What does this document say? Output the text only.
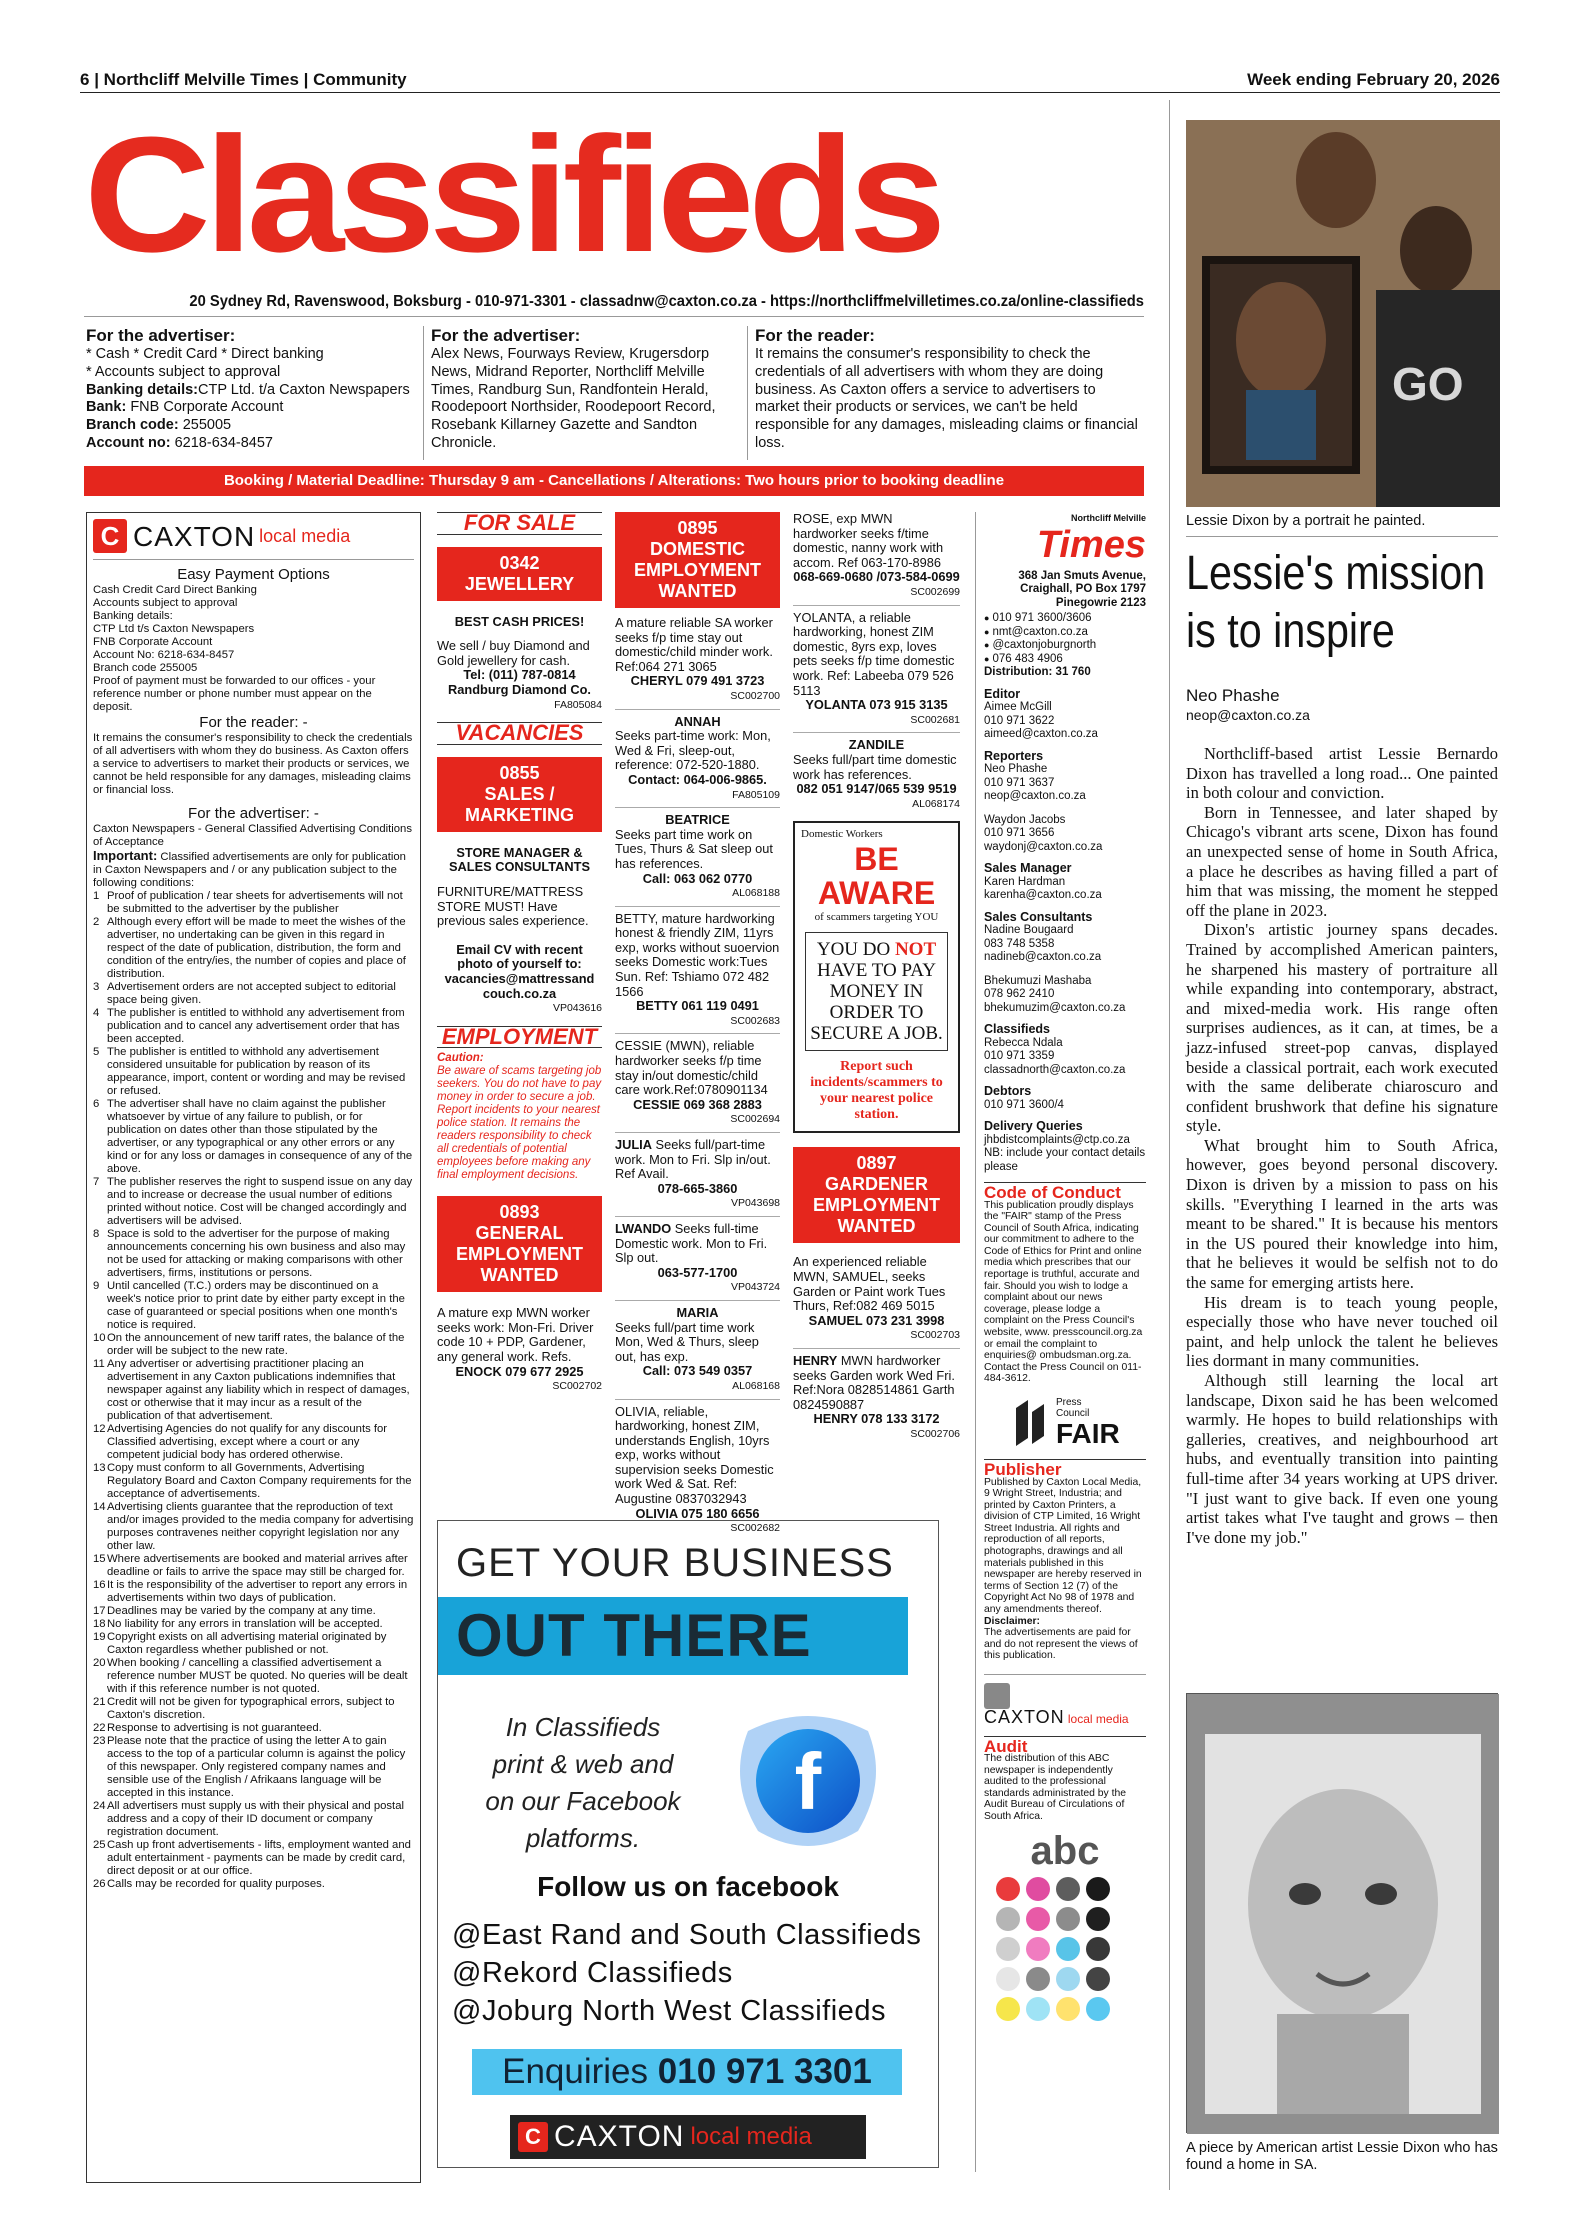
6 | Northcliff Melville Times | Community	Week ending February 20, 2026
Classifieds
20 Sydney Rd, Ravenswood, Boksburg - 010-971-3301 - classadnw@caxton.co.za - https://northcliffmelvilletimes.co.za/online-classifieds
For the advertiser:
* Cash * Credit Card * Direct banking
* Accounts subject to approval
Banking details:CTP Ltd. t/a Caxton Newspapers
Bank: FNB Corporate Account
Branch code: 255005
Account no: 6218-634-8457
For the advertiser:
Alex News, Fourways Review, Krugersdorp News, Midrand Reporter, Northcliff Melville Times, Randburg Sun, Randfontein Herald, Roodepoort Northsider, Roodepoort Record, Rosebank Killarney Gazette and Sandton Chronicle.
For the reader:
It remains the consumer's responsibility to check the credentials of all advertisers with whom they are doing business. As Caxton offers a service to advertisers to market their products or services, we can't be held responsible for any damages, misleading claims or financial loss.
Booking / Material Deadline: Thursday 9 am - Cancellations / Alterations: Two hours prior to booking deadline
C CAXTON local media
Easy Payment Options
Cash Credit Card Direct Banking
Accounts subject to approval
Banking details:
CTP Ltd t/s Caxton Newspapers
FNB Corporate Account
Account No: 6218-634-8457
Branch code 255005
Proof of payment must be forwarded to our offices - your reference number or phone number must appear on the deposit.
For the reader: -
It remains the consumer's responsibility to check the credentials of all advertisers with whom they do business. As Caxton offers a service to advertisers to market their products or services, we cannot be held responsible for any damages, misleading claims or financial loss.
For the advertiser: -
Caxton Newspapers - General Classified Advertising Conditions of Acceptance
Important: Classified advertisements are only for publication in Caxton Newspapers and / or any publication subject to the following conditions:
1 Proof of publication / tear sheets for advertisements will not be submitted to the advertiser by the publisher
2 Although every effort will be made to meet the wishes of the advertiser, no undertaking can be given in this regard in respect of the date of publication, distribution, the form and condition of the entry/ies, the number of copies and place of distribution.
3 Advertisement orders are not accepted subject to editorial space being given.
4 The publisher is entitled to withhold any advertisement from publication and to cancel any advertisement order that has been accepted.
5 The publisher is entitled to withhold any advertisement considered unsuitable for publication by reason of its appearance, import, content or wording and may be revised or refused.
6 The advertiser shall have no claim against the publisher whatsoever by virtue of any failure to publish, or for publication on dates other than those stipulated by the advertiser, or any typographical or any other errors or any kind or for any loss or damages in consequence of any of the above.
7 The publisher reserves the right to suspend issue on any day and to increase or decrease the usual number of editions printed without notice. Cost will be changed accordingly and advertisers will be advised.
8 Space is sold to the advertiser for the purpose of making announcements concerning his own business and also may not be used for attacking or making comparisons with other advertisers, firms, institutions or persons.
9 Until cancelled (T.C.) orders may be discontinued on a week's notice prior to print date by either party except in the case of guaranteed or special positions when one month's notice is required.
10 On the announcement of new tariff rates, the balance of the order will be subject to the new rate.
11 Any advertiser or advertising practitioner placing an advertisement in any Caxton publications indemnifies that newspaper against any liability which in respect of damages, cost or otherwise that it may incur as a result of the publication of that advertisement.
12 Advertising Agencies do not qualify for any discounts for Classified advertising, except where a court or any competent judicial body has ordered otherwise.
13 Copy must conform to all Governments, Advertising Regulatory Board and Caxton Company requirements for the acceptance of advertisements.
14 Advertising clients guarantee that the reproduction of text and/or images provided to the media company for advertising purposes contravenes neither copyright legislation nor any other law.
15 Where advertisements are booked and material arrives after deadline or fails to arrive the space may still be charged for.
16 It is the responsibility of the advertiser to report any errors in advertisements within two days of publication.
17 Deadlines may be varied by the company at any time.
18 No liability for any errors in translation will be accepted.
19 Copyright exists on all advertising material originated by Caxton regardless whether published or not.
20 When booking / cancelling a classified advertisement a reference number MUST be quoted. No queries will be dealt with if this reference number is not quoted.
21 Credit will not be given for typographical errors, subject to Caxton's discretion.
22 Response to advertising is not guaranteed.
23 Please note that the practice of using the letter A to gain access to the top of a particular column is against the policy of this newspaper. Only registered company names and sensible use of the English / Afrikaans language will be accepted in this instance.
24 All advertisers must supply us with their physical and postal address and a copy of their ID document or company registration document.
25 Cash up front advertisements - lifts, employment wanted and adult entertainment - payments can be made by credit card, direct deposit or at our office.
26 Calls may be recorded for quality purposes.
FOR SALE
0342
JEWELLERY
BEST CASH PRICES!
We sell / buy Diamond and Gold jewellery for cash.
Tel: (011) 787-0814
Randburg Diamond Co.
FA805084
VACANCIES
0855
SALES / MARKETING
STORE MANAGER & SALES CONSULTANTS
FURNITURE/MATTRESS STORE MUST! Have previous sales experience.
Email CV with recent photo of yourself to: vacancies@mattressand couch.co.za
VP043616
EMPLOYMENT
Caution:
Be aware of scams targeting job seekers. You do not have to pay money in order to secure a job. Report incidents to your nearest police station. It remains the readers responsibility to check all credentials of potential employees before making any final employment decisions.
0893
GENERAL EMPLOYMENT WANTED
A mature exp MWN worker seeks work: Mon-Fri. Driver code 10 + PDP, Gardener, any general work. Refs.
ENOCK 079 677 2925
SC002702
0895
DOMESTIC EMPLOYMENT WANTED
A mature reliable SA worker seeks f/p time stay out domestic/child minder work. Ref:064 271 3065
CHERYL 079 491 3723
SC002700
ANNAH
Seeks part-time work: Mon, Wed & Fri, sleep-out, reference: 072-520-1880.
Contact: 064-006-9865.
FA805109
BEATRICE
Seeks part time work on Tues, Thurs & Sat sleep out has references.
Call: 063 062 0770
AL068188
BETTY, mature hardworking honest & friendly ZIM, 11yrs exp, works without suoervion seeks Domestic work:Tues Sun. Ref: Tshiamo 072 482 1566
BETTY 061 119 0491
SC002683
CESSIE (MWN), reliable hardworker seeks f/p time stay in/out domestic/child care work.Ref:0780901134
CESSIE 069 368 2883
SC002694
JULIA Seeks full/part-time work. Mon to Fri. Slp in/out. Ref Avail.
078-665-3860
VP043698
LWANDO Seeks full-time Domestic work. Mon to Fri. Slp out.
063-577-1700
VP043724
MARIA
Seeks full/part time work Mon, Wed & Thurs, sleep out, has exp.
Call: 073 549 0357
AL068168
OLIVIA, reliable, hardworking, honest ZIM, understands English, 10yrs exp, works without supervision seeks Domestic work Wed & Sat. Ref: Augustine 0837032943
OLIVIA 075 180 6656
SC002682
ROSE, exp MWN hardworker seeks f/time domestic, nanny work with accom. Ref 063-170-8986
068-669-0680 /073-584-0699
SC002699
YOLANTA, a reliable hardworking, honest ZIM domestic, 8yrs exp, loves pets seeks f/p time domestic work. Ref: Labeeba 079 526 5113
YOLANTA 073 915 3135
SC002681
ZANDILE
Seeks full/part time domestic work has references.
082 051 9147/065 539 9519
AL068174
Domestic Workers
BE AWARE
of scammers targeting YOU
YOU DO NOT HAVE TO PAY MONEY IN ORDER TO SECURE A JOB.
Report such incidents/scammers to your nearest police station.
0897
GARDENER EMPLOYMENT WANTED
An experienced reliable MWN, SAMUEL, seeks Garden or Paint work Tues Thurs, Ref:082 469 5015
SAMUEL 073 231 3998
SC002703
HENRY MWN hardworker seeks Garden work Wed Fri. Ref:Nora 0828514861 Garth 0824590887
HENRY 078 133 3172
SC002706
GET YOUR BUSINESS
OUT THERE
In Classifieds print & web and on our Facebook platforms.
f
Follow us on facebook
@East Rand and South Classifieds
@Rekord Classifieds
@Joburg North West Classifieds
Enquiries 010 971 3301
C CAXTON local media
Northcliff Melville
Times
368 Jan Smuts Avenue, Craighall, PO Box 1797 Pinegowrie 2123
● 010 971 3600/3606
● nmt@caxton.co.za
● @caxtonjoburgnorth
● 076 483 4906
Distribution: 31 760
Editor
Aimee McGill
010 971 3622
aimeed@caxton.co.za
Reporters
Neo Phashe
010 971 3637
neop@caxton.co.za
Waydon Jacobs
010 971 3656
waydonj@caxton.co.za
Sales Manager
Karen Hardman
karenha@caxton.co.za
Sales Consultants
Nadine Bougaard
083 748 5358
nadineb@caxton.co.za
Bhekumuzi Mashaba
078 962 2410
bhekumuzim@caxton.co.za
Classifieds
Rebecca Ndala
010 971 3359
classadnorth@caxton.co.za
Debtors
010 971 3600/4
Delivery Queries
jhbdistcomplaints@ctp.co.za
NB: include your contact details please
Code of Conduct
This publication proudly displays the "FAIR" stamp of the Press Council of South Africa, indicating our commitment to adhere to the Code of Ethics for Print and online media which prescribes that our reportage is truthful, accurate and fair. Should you wish to lodge a complaint about our news coverage, please lodge a complaint on the Press Council's website, www. presscouncil.org.za or email the complaint to enquiries@ ombudsman.org.za. Contact the Press Council on 011-484-3612.
Press Council
FAIR
Publisher
Published by Caxton Local Media, 9 Wright Street, Industria; and printed by Caxton Printers, a division of CTP Limited, 16 Wright Street Industria. All rights and reproduction of all reports, photographs, drawings and all materials published in this newspaper are hereby reserved in terms of Section 12 (7) of the Copyright Act No 98 of 1978 and any amendments thereof.
Disclaimer:
The advertisements are paid for and do not represent the views of this publication.
CAXTON local media
Audit
The distribution of this ABC newspaper is independently audited to the professional standards administrated by the Audit Bureau of Circulations of South Africa.
abc
GO
Lessie Dixon by a portrait he painted.
Lessie's mission is to inspire
Neo Phashe
neop@caxton.co.za

Northcliff-based artist Lessie Bernardo Dixon has travelled a long road... One painted in both colour and conviction.

Born in Tennessee, and later shaped by Chicago's vibrant arts scene, Dixon has found an unexpected sense of home in South Africa, a place he describes as having filled a part of him that was missing, the moment he stepped off the plane in 2023.

Dixon's artistic journey spans decades. Trained by accomplished American painters, he sharpened his mastery of portraiture all while expanding into contemporary, abstract, and mixed-media work. His range often surprises audiences, as it can, at times, be a jazz-infused street-pop canvas, displayed beside a classical portrait, each work executed with the same deliberate chiaroscuro and confident brushwork that define his signature style.

What brought him to South Africa, however, goes beyond personal discovery. Dixon is driven by a mission to pass on his skills. "Everything I learned in the arts was meant to be shared." It is because his mentors in the US poured their knowledge into him, that he believes it would be selfish not to do the same for emerging artists here.

His dream is to teach young people, especially those who have never touched oil paint, and help unlock the talent he believes lies dormant in many communities.

Although still learning the local art landscape, Dixon said he has been welcomed warmly. He hopes to build relationships with galleries, creatives, and neighbourhood art hubs, and eventually transition into painting full-time after 34 years working at UPS driver. "I just want to give back. If even one young artist takes what I've taught and grows – then I've done my job."

A piece by American artist Lessie Dixon who has found a home in SA.
